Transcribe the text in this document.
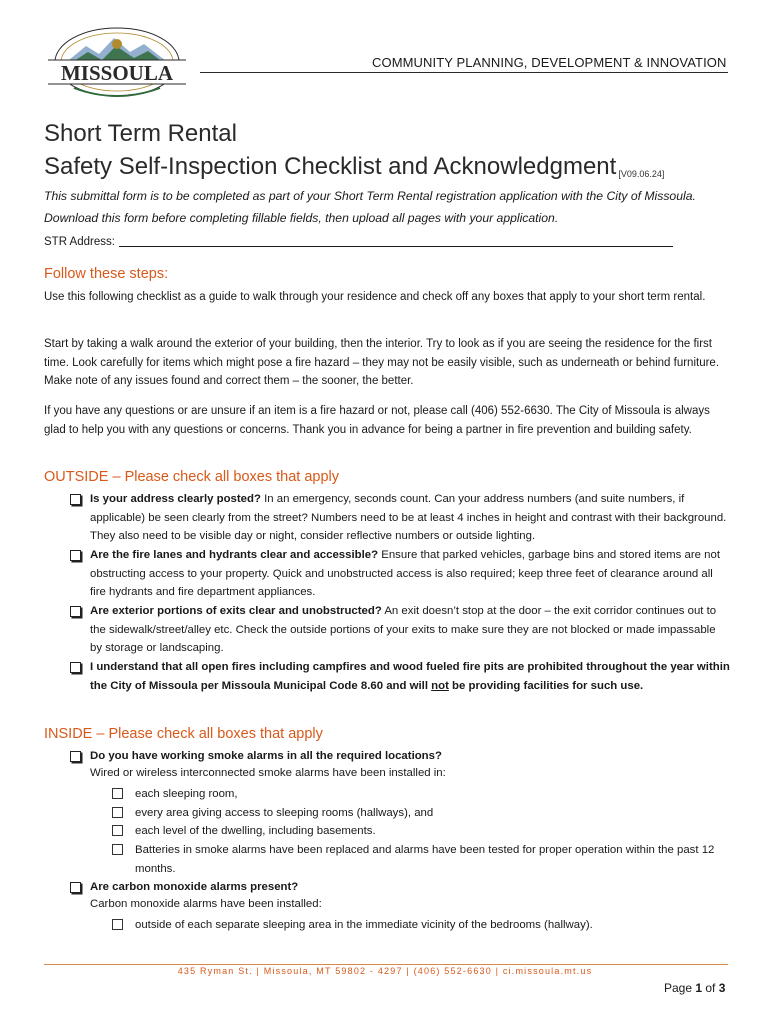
MISSOULA	COMMUNITY PLANNING, DEVELOPMENT & INNOVATION
Short Term Rental
Safety Self-Inspection Checklist and Acknowledgment [V09.06.24]
This submittal form is to be completed as part of your Short Term Rental registration application with the City of Missoula. Download this form before completing fillable fields, then upload all pages with your application.
STR Address:
Follow these steps:
Use this following checklist as a guide to walk through your residence and check off any boxes that apply to your short term rental.
Start by taking a walk around the exterior of your building, then the interior. Try to look as if you are seeing the residence for the first time. Look carefully for items which might pose a fire hazard – they may not be easily visible, such as underneath or behind furniture. Make note of any issues found and correct them – the sooner, the better.
If you have any questions or are unsure if an item is a fire hazard or not, please call (406) 552-6630. The City of Missoula is always glad to help you with any questions or concerns. Thank you in advance for being a partner in fire prevention and building safety.
OUTSIDE – Please check all boxes that apply
Is your address clearly posted? In an emergency, seconds count. Can your address numbers (and suite numbers, if applicable) be seen clearly from the street? Numbers need to be at least 4 inches in height and contrast with their background. They also need to be visible day or night, consider reflective numbers or outside lighting.
Are the fire lanes and hydrants clear and accessible? Ensure that parked vehicles, garbage bins and stored items are not obstructing access to your property. Quick and unobstructed access is also required; keep three feet of clearance around all fire hydrants and fire department appliances.
Are exterior portions of exits clear and unobstructed? An exit doesn’t stop at the door – the exit corridor continues out to the sidewalk/street/alley etc. Check the outside portions of your exits to make sure they are not blocked or made impassable by storage or landscaping.
I understand that all open fires including campfires and wood fueled fire pits are prohibited throughout the year within the City of Missoula per Missoula Municipal Code 8.60 and will not be providing facilities for such use.
INSIDE – Please check all boxes that apply
Do you have working smoke alarms in all the required locations?
Wired or wireless interconnected smoke alarms have been installed in:
each sleeping room,
every area giving access to sleeping rooms (hallways), and
each level of the dwelling, including basements.
Batteries in smoke alarms have been replaced and alarms have been tested for proper operation within the past 12 months.
Are carbon monoxide alarms present?
Carbon monoxide alarms have been installed:
outside of each separate sleeping area in the immediate vicinity of the bedrooms (hallway).
435 Ryman St. | Missoula, MT 59802 - 4297 | (406) 552-6630 | ci.missoula.mt.us
Page 1 of 3
